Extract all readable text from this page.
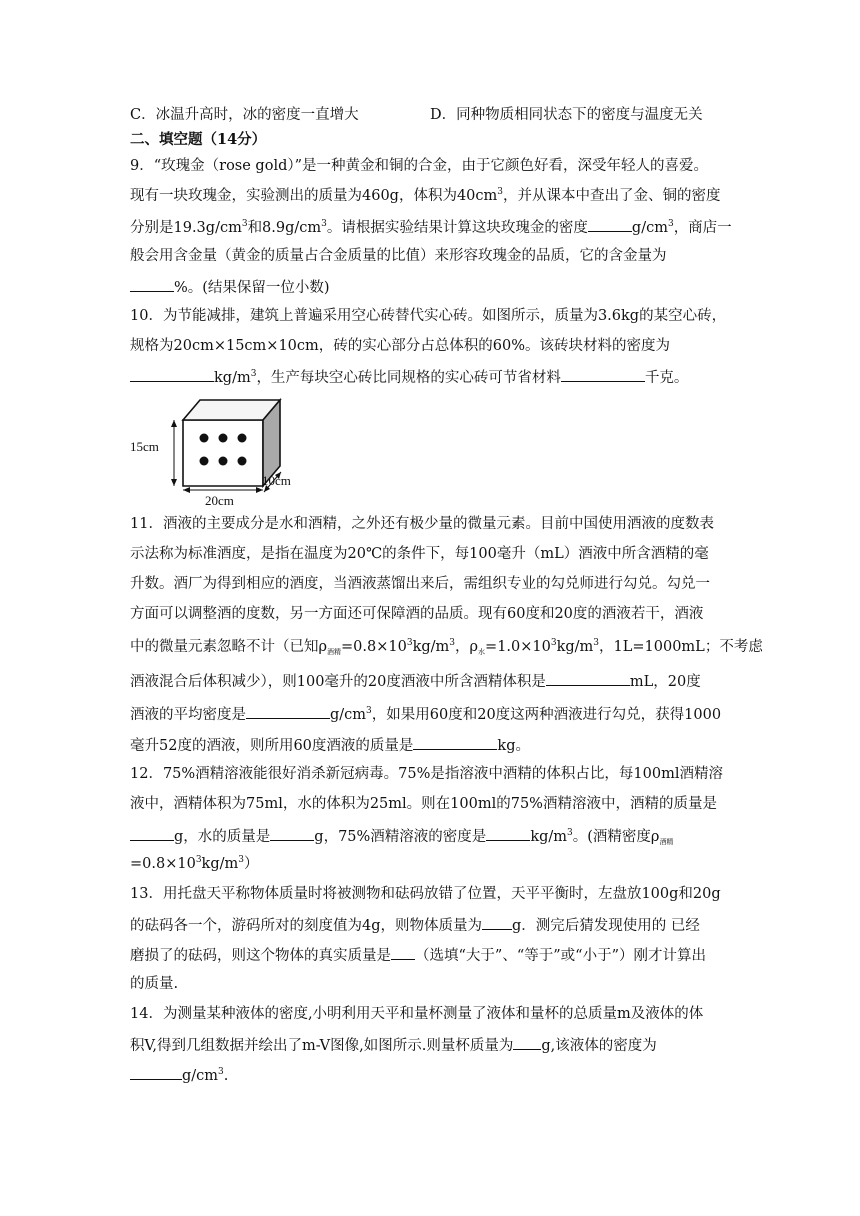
C．冰温升高时，冰的密度一直增大	D．同种物质相同状态下的密度与温度无关
二、填空题（14分）
9．“玫瑰金（rose gold）”是一种黄金和铜的合金，由于它颜色好看，深受年轻人的喜爱。
现有一块玫瑰金，实验测出的质量为460g，体积为$40cm^3$，并从课本中查出了金、铜的密度
分别是$19.3g/cm^3$和$8.9g/cm^3$。请根据实验结果计算这块玫瑰金的密度	$g/cm^3$，商店一
般会用含金量（黄金的质量占合金质量的比值）来形容玫瑰金的品质，它的含金量为
%。(结果保留一位小数)
10．为节能减排，建筑上普遍采用空心砖替代实心砖。如图所示，质量为3.6kg的某空心砖，
规格为20cm×15cm×10cm，砖的实心部分占总体积的60%。该砖块材料的密度为
$kg/m^3$，生产每块空心砖比同规格的实心砖可节省材料	千克。
15cm
20cm
10cm
11．酒液的主要成分是水和酒精，之外还有极少量的微量元素。目前中国使用酒液的度数表
示法称为标准酒度，是指在温度为20℃的条件下，每100毫升（mL）酒液中所含酒精的毫
升数。酒厂为得到相应的酒度，当酒液蒸馏出来后，需组织专业的勾兑师进行勾兑。勾兑一
方面可以调整酒的度数，另一方面还可保障酒的品质。现有60度和20度的酒液若干，酒液
中的微量元素忽略不计（已知$\rho_{酒精}=0.8\times 10^3kg/m^3$，$\rho_水=1.0\times 10^3kg/m^3$，1L=1000mL；不考虑
酒液混合后体积减少），则100毫升的20度酒液中所含酒精体积是	mL，20度
酒液的平均密度是	$g/cm^3$，如果用60度和20度这两种酒液进行勾兑，获得1000
毫升52度的酒液，则所用60度酒液的质量是	kg。
12．75%酒精溶液能很好消杀新冠病毒。75%是指溶液中酒精的体积占比，每100ml酒精溶
液中，酒精体积为75ml，水的体积为25ml。则在100ml的75%酒精溶液中，酒精的质量是
g，水的质量是	g，75%酒精溶液的密度是	$kg/m^3$。(酒精密度$\rho_{酒精}$
$=0.8\times 10^3kg/m^3$）
13．用托盘天平称物体质量时将被测物和砝码放错了位置，天平平衡时，左盘放100g和20g
的砝码各一个，游码所对的刻度值为4g，则物体质量为 g．测完后猜发现使用的 已经
磨损了的砝码，则这个物体的真实质量是 （选填“大于”、“等于”或“小于”）刚才计算出
的质量.
14．为测量某种液体的密度,小明利用天平和量杯测量了液体和量杯的总质量m及液体的体
积V,得到几组数据并绘出了m-V图像,如图所示.则量杯质量为 g,该液体的密度为
$g/cm^3$.
